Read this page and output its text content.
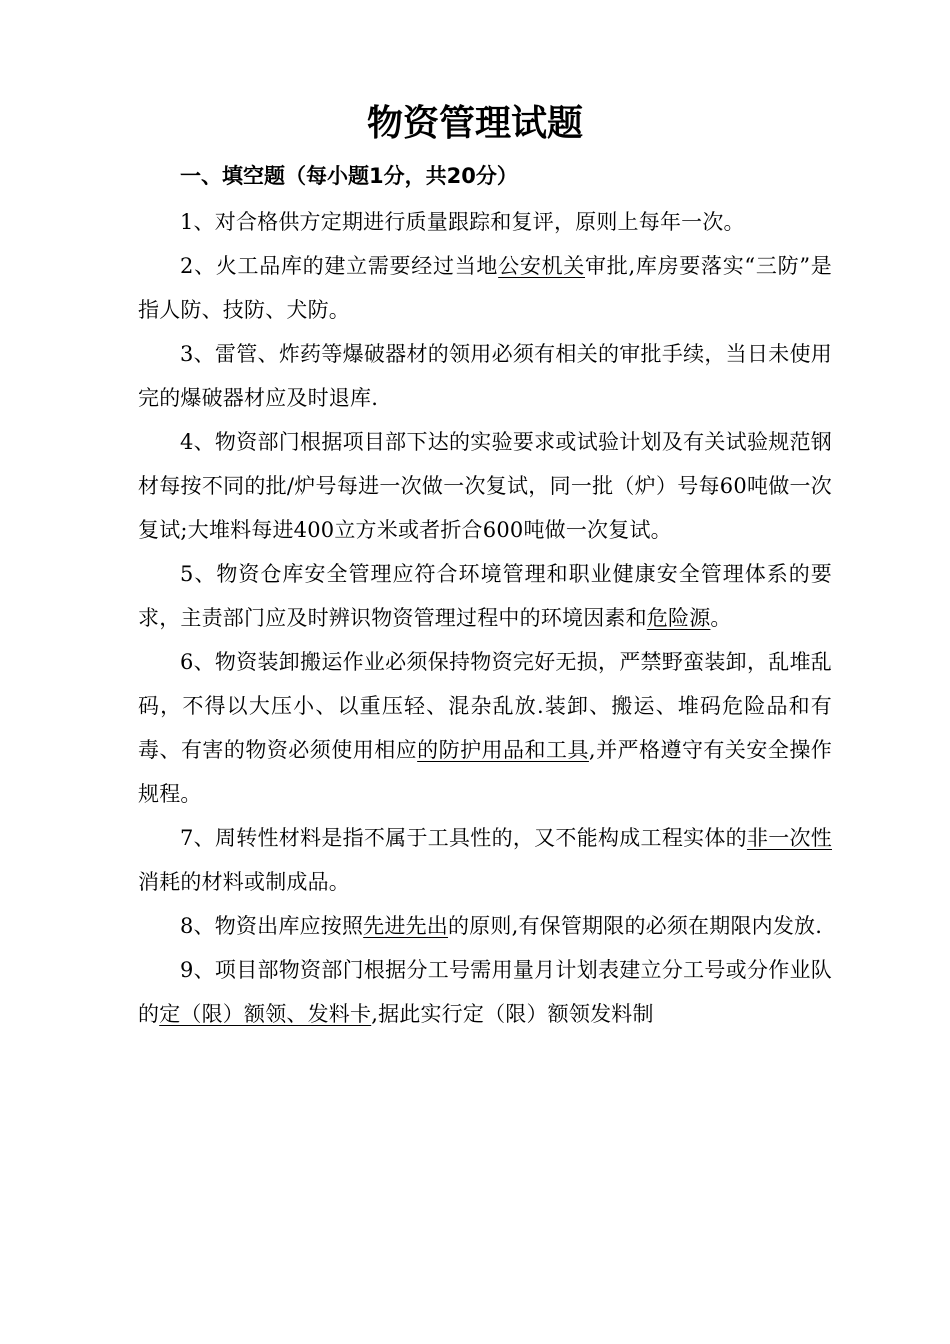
物资管理试题
一、填空题（每小题1分，共20分）

1、对合格供方定期进行质量跟踪和复评，原则上每年一次。

2、火工品库的建立需要经过当地公安机关审批,库房要落实“三防”是指人防、技防、犬防。

3、雷管、炸药等爆破器材的领用必须有相关的审批手续，当日未使用完的爆破器材应及时退库.

4、物资部门根据项目部下达的实验要求或试验计划及有关试验规范钢材每按不同的批/炉号每进一次做一次复试，同一批（炉）号每60吨做一次复试;大堆料每进400立方米或者折合600吨做一次复试。

5、物资仓库安全管理应符合环境管理和职业健康安全管理体系的要求，主责部门应及时辨识物资管理过程中的环境因素和危险源。

6、物资装卸搬运作业必须保持物资完好无损，严禁野蛮装卸，乱堆乱码，不得以大压小、以重压轻、混杂乱放.装卸、搬运、堆码危险品和有毒、有害的物资必须使用相应的防护用品和工具,并严格遵守有关安全操作规程。

7、周转性材料是指不属于工具性的，又不能构成工程实体的非一次性消耗的材料或制成品。

8、物资出库应按照先进先出的原则,有保管期限的必须在期限内发放.

9、项目部物资部门根据分工号需用量月计划表建立分工号或分作业队的定（限）额领、发料卡,据此实行定（限）额领发料制
